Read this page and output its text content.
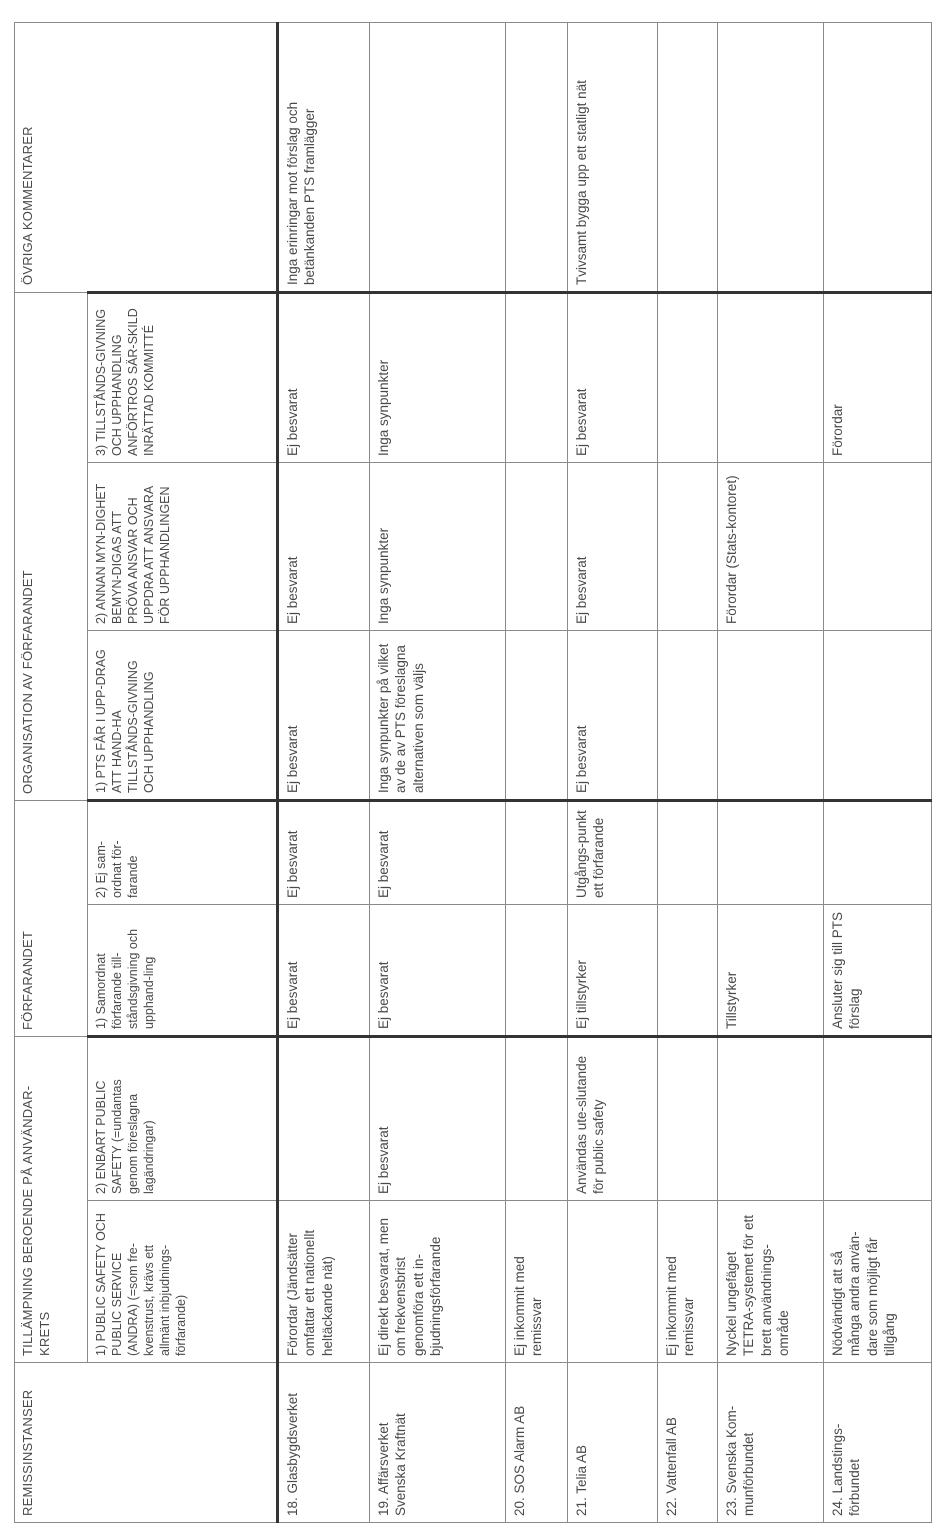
REMISSINSTANSER	TILLÄMPNING BEROENDE PÅ ANVÄNDAR-KRETS		FÖRFARANDET		ORGANISATION AV FÖRFARANDET			ÖVRIGA KOMMENTARER
	1) PUBLIC SAFETY OCH PUBLIC SERVICE (ANDRA) (=som fre-kvenstrust, krävs ett allmänt inbjudnings-förfarande)	2) ENBART PUBLIC SAFETY (=undantas genom föreslagna lagändringar)	1) Samordnat förfarande till-ståndsgivning och upphand-ling	2) Ej sam-ordnat för-farande	1) PTS FÅR I UPP-DRAG ATT HAND-HA TILLSTÅNDS-GIVNING OCH UPPHANDLING	2) ANNAN MYN-DIGHET BEMYN-DIGAS ATT PRÖVA ANSVAR OCH UPPDRA ATT ANSVARA FÖR UPPHANDLINGEN	3) TILLSTÅNDS-GIVNING OCH UPPHANDLING ANFÖRTROS SÄR-SKILD INRÄTTAD KOMMITTÉ	
18. Glasbygdsverket	Förordar (Jändsätter omfattar ett nationellt heltäckande nät)		Ej besvarat	Ej besvarat	Ej besvarat	Ej besvarat	Ej besvarat	Inga erinringar mot förslag och betänkanden PTS framlägger
19. Affärsverket Svenska Kraftnät	Ej direkt besvarat, men om frekvensbrist genomföra ett in-bjudningsförfarande	Ej besvarat	Ej besvarat	Ej besvarat	Inga synpunkter på vilket av de av PTS föreslagna alternativen som väljs	Inga synpunkter	Inga synpunkter	
20. SOS Alarm AB	Ej inkommit med remissvar							
21. Telia AB		Användas ute-slutande för public safety	Ej tillstyrker	Utgångs-punkt ett förfarande	Ej besvarat	Ej besvarat	Ej besvarat	Tvivsamt bygga upp ett statligt nät
22. Vattenfall AB	Ej inkommit med remissvar							
23. Svenska Kom-munförbundet	Nyckel ungefäget TETRA-systemet för ett brett användnings-område		Tillstyrker			Förordar (Stats-kontoret)		
24. Landstings-förbundet	Nödvändigt att så många andra använ-dare som möjligt får tillgång		Ansluter sig till PTS förslag				Förordar	
